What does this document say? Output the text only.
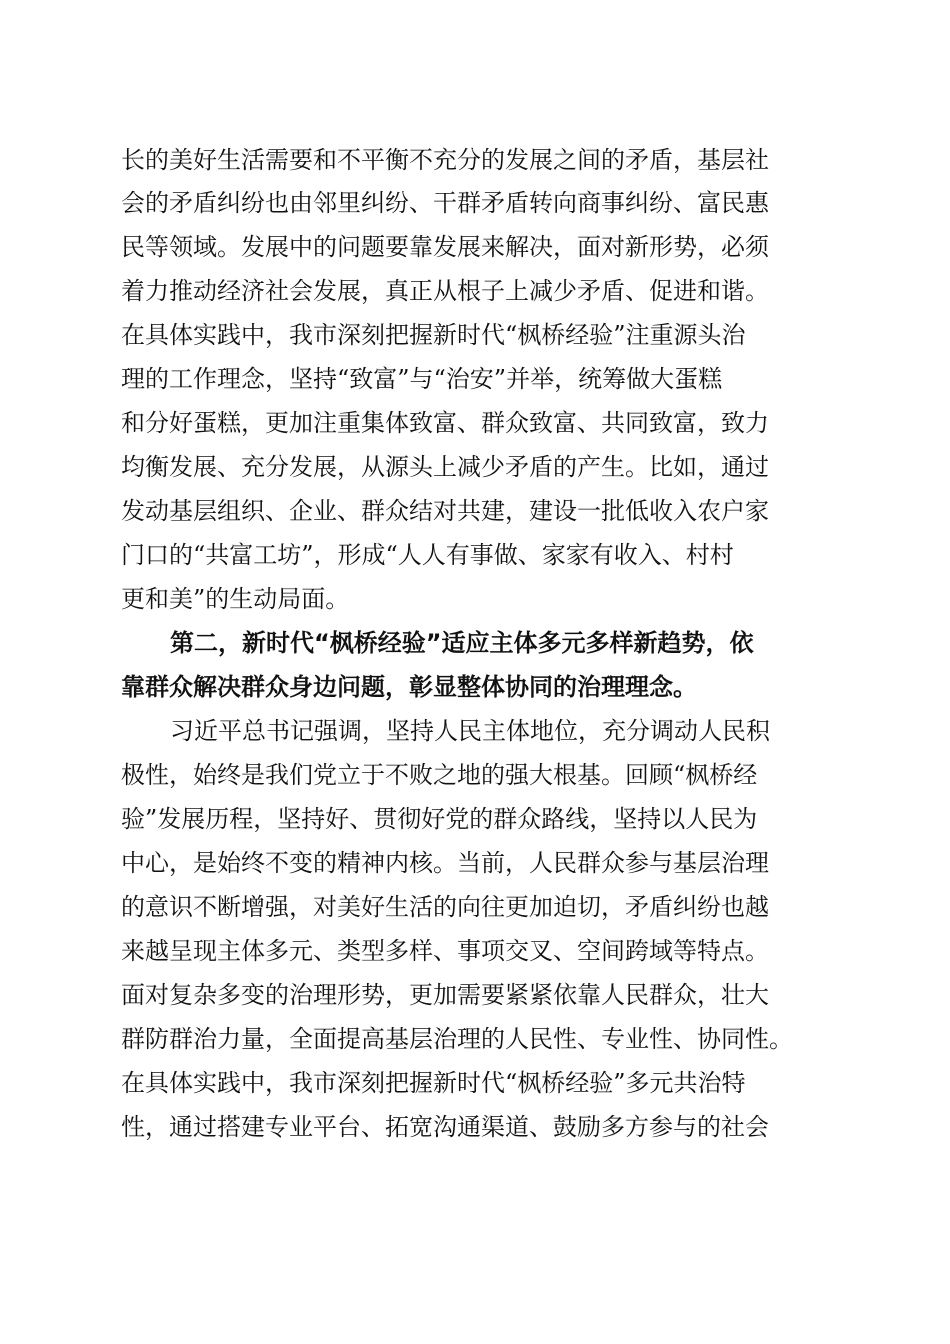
长的美好生活需要和不平衡不充分的发展之间的矛盾，基层社
会的矛盾纠纷也由邻里纠纷、干群矛盾转向商事纠纷、富民惠
民等领域。发展中的问题要靠发展来解决，面对新形势，必须
着力推动经济社会发展，真正从根子上减少矛盾、促进和谐。
在具体实践中，我市深刻把握新时代“枫桥经验”注重源头治
理的工作理念，坚持“致富”与“治安”并举，统筹做大蛋糕
和分好蛋糕，更加注重集体致富、群众致富、共同致富，致力
均衡发展、充分发展，从源头上减少矛盾的产生。比如，通过
发动基层组织、企业、群众结对共建，建设一批低收入农户家
门口的“共富工坊”，形成“人人有事做、家家有收入、村村
更和美”的生动局面。
第二，新时代“枫桥经验”适应主体多元多样新趋势，依
靠群众解决群众身边问题，彰显整体协同的治理理念。
习近平总书记强调，坚持人民主体地位，充分调动人民积
极性，始终是我们党立于不败之地的强大根基。回顾“枫桥经
验”发展历程，坚持好、贯彻好党的群众路线，坚持以人民为
中心，是始终不变的精神内核。当前，人民群众参与基层治理
的意识不断增强，对美好生活的向往更加迫切，矛盾纠纷也越
来越呈现主体多元、类型多样、事项交叉、空间跨域等特点。
面对复杂多变的治理形势，更加需要紧紧依靠人民群众，壮大
群防群治力量，全面提高基层治理的人民性、专业性、协同性。
在具体实践中，我市深刻把握新时代“枫桥经验”多元共治特
性，通过搭建专业平台、拓宽沟通渠道、鼓励多方参与的社会
